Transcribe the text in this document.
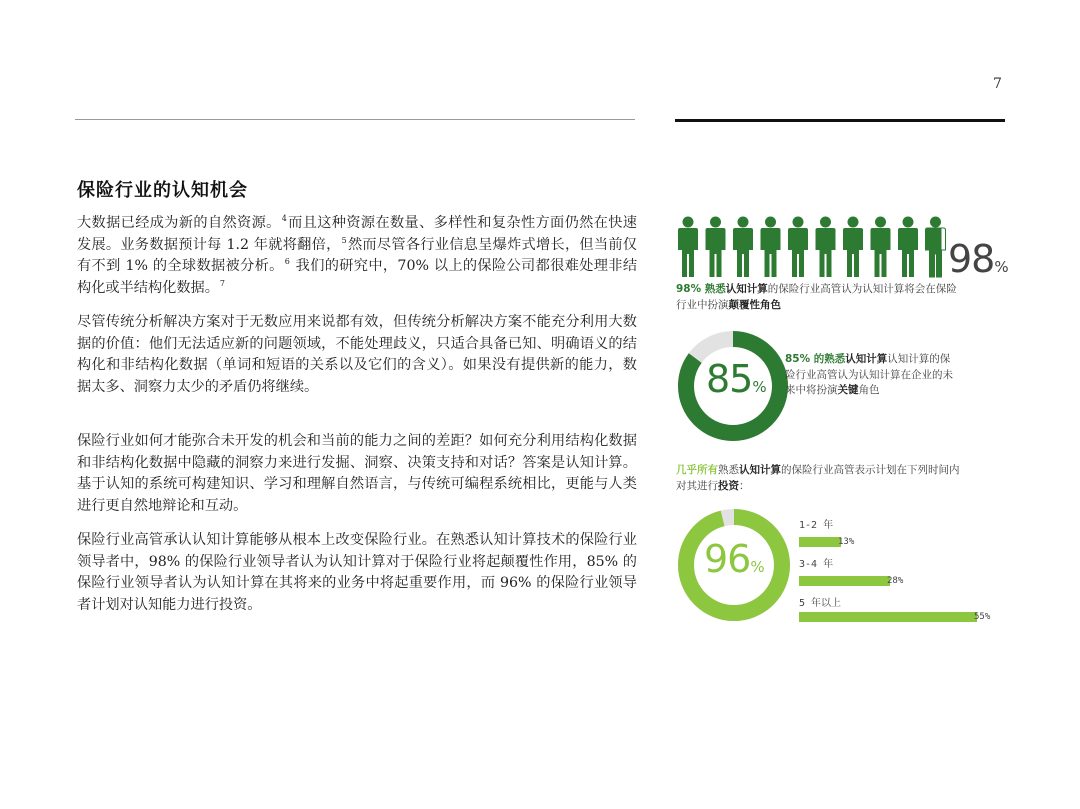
7
保险行业的认知机会
大数据已经成为新的自然资源。$^4$而且这种资源在数量、多样性和复杂性方面仍然在快速发展。业务数据预计每 1.2 年就将翻倍，$^5$然而尽管各行业信息呈爆炸式增长，但当前仅有不到 1% 的全球数据被分析。$^6$ 我们的研究中，70% 以上的保险公司都很难处理非结构化或半结构化数据。$^7$
尽管传统分析解决方案对于无数应用来说都有效，但传统分析解决方案不能充分利用大数据的价值：他们无法适应新的问题领域，不能处理歧义，只适合具备已知、明确语义的结构化和非结构化数据（单词和短语的关系以及它们的含义）。如果没有提供新的能力，数据太多、洞察力太少的矛盾仍将继续。
保险行业如何才能弥合未开发的机会和当前的能力之间的差距？如何充分利用结构化数据和非结构化数据中隐藏的洞察力来进行发掘、洞察、决策支持和对话？答案是认知计算。基于认知的系统可构建知识、学习和理解自然语言，与传统可编程系统相比，更能与人类进行更自然地辩论和互动。
保险行业高管承认认知计算能够从根本上改变保险行业。在熟悉认知计算技术的保险行业领导者中，98% 的保险行业领导者认为认知计算对于保险行业将起颠覆性作用，85% 的保险行业领导者认为认知计算在其将来的业务中将起重要作用，而 96% 的保险行业领导者计划对认知能力进行投资。
98%
98% 熟悉认知计算的保险行业高管认为认知计算将会在保险行业中扮演颠覆性角色
85%
85% 的熟悉认知计算认知计算的保险行业高管认为认知计算在企业的未来中将扮演关键角色
几乎所有熟悉认知计算的保险行业高管表示计划在下列时间内对其进行投资：
96%
1-2 年
13%
3-4 年
28%
5 年以上
55%
